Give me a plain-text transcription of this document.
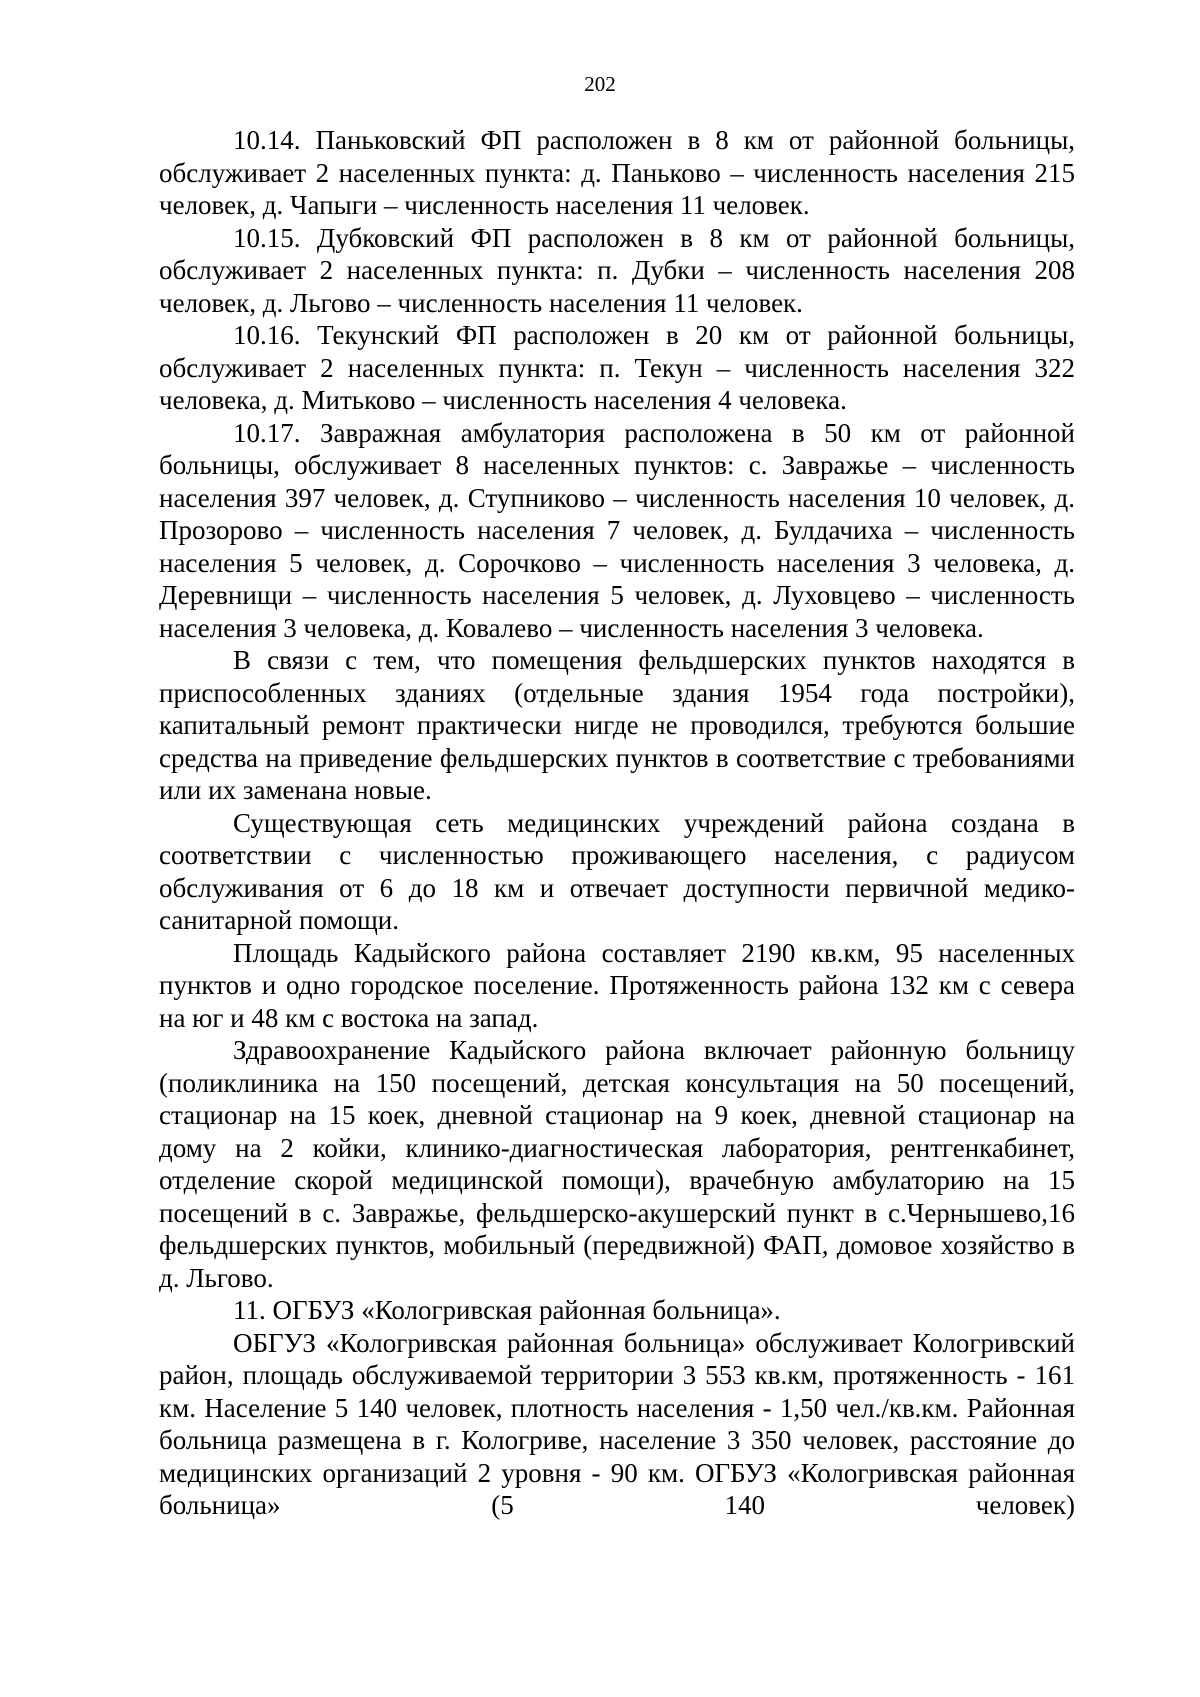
202

10.14. Паньковский ФП расположен в 8 км от районной больницы, обслуживает 2 населенных пункта: д. Паньково – численность населения 215 человек, д. Чапыги – численность населения 11 человек.

10.15. Дубковский ФП расположен в 8 км от районной больницы, обслуживает 2 населенных пункта: п. Дубки – численность населения 208 человек, д. Льгово – численность населения 11 человек.

10.16. Текунский ФП расположен в 20 км от районной больницы, обслуживает 2 населенных пункта: п. Текун – численность населения 322 человека, д. Митьково – численность населения 4 человека.

10.17. Завражная амбулатория расположена в 50 км от районной больницы, обслуживает 8 населенных пунктов: с. Завражье – численность населения 397 человек, д. Ступниково – численность населения 10 человек, д. Прозорово – численность населения 7 человек, д. Булдачиха – численность населения 5 человек, д. Сорочково – численность населения 3 человека, д. Деревнищи – численность населения 5 человек, д. Луховцево – численность населения 3 человека, д. Ковалево – численность населения 3 человека.

В связи с тем, что помещения фельдшерских пунктов находятся в приспособленных зданиях (отдельные здания 1954 года постройки), капитальный ремонт практически нигде не проводился, требуются большие средства на приведение фельдшерских пунктов в соответствие с требованиями или их заменана новые.

Существующая сеть медицинских учреждений района создана в соответствии с численностью проживающего населения, с радиусом обслуживания от 6 до 18 км и отвечает доступности первичной медико-санитарной помощи.

Площадь Кадыйского района составляет 2190 кв.км, 95 населенных пунктов и одно городское поселение. Протяженность района 132 км с севера на юг и 48 км с востока на запад.

Здравоохранение Кадыйского района включает районную больницу (поликлиника на 150 посещений, детская консультация на 50 посещений, стационар на 15 коек, дневной стационар на 9 коек, дневной стационар на дому на 2 койки, клинико-диагностическая лаборатория, рентгенкабинет, отделение скорой медицинской помощи), врачебную амбулаторию на 15 посещений в с. Завражье, фельдшерско-акушерский пункт в с.Чернышево,16 фельдшерских пунктов, мобильный (передвижной) ФАП, домовое хозяйство в д. Льгово.

11. ОГБУЗ «Кологривская районная больница».

ОБГУЗ «Кологривская районная больница» обслуживает Кологривский район, площадь обслуживаемой территории 3 553 кв.км, протяженность - 161 км. Население 5 140 человек, плотность населения - 1,50 чел./кв.км. Районная больница размещена в г. Кологриве, население 3 350 человек, расстояние до медицинских организаций 2 уровня - 90 км. ОГБУЗ «Кологривская районная больница» (5 140 человек)
